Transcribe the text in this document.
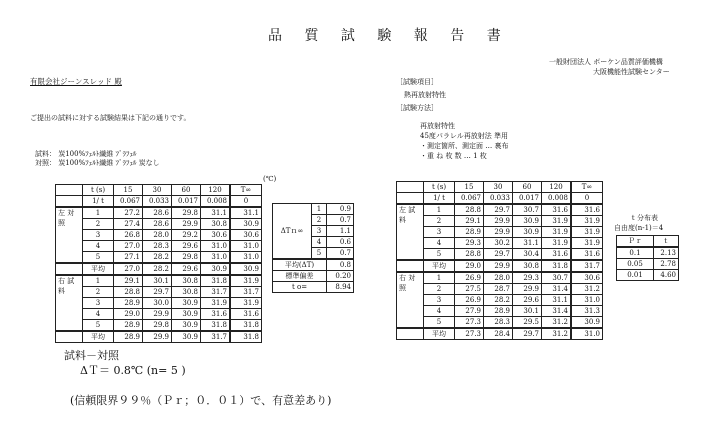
品 質 試 験 報 告 書
一般財団法人 ボーケン品質評価機構
大阪機能性試験センター
有限会社ジーンスレッド 殿
ご提出の試料に対する試験結果は下記の通りです。
試料： 炭100%ﾌｪﾙﾄ繊維 ﾌﾞﾗﾌｪﾙ
対照： 炭100%ﾌｪﾙﾄ繊維 ﾌﾞﾗﾌｪﾙ 炭なし
［試験項目］
熱再放射特性
［試験方法］
再放射特性
45度パラレル再放射法 準用
・測定箇所、測定面 … 裏布
・重 ね 枚 数 … 1 枚
(℃)
	t (s)	15	30	60	120	T∞
	1/ t	0.067	0.033	0.017	0.008	0
左 対照	1	27.2	28.6	29.8	31.1	31.1
	2	27.4	28.6	29.9	30.8	30.9
	3	26.8	28.0	29.2	30.6	30.6
	4	27.0	28.3	29.6	31.0	31.0
	5	27.1	28.2	29.8	31.0	31.0
	平均	27.0	28.2	29.6	30.9	30.9
右 試料	1	29.1	30.1	30.8	31.8	31.9
	2	28.8	29.7	30.8	31.7	31.7
	3	28.9	30.0	30.9	31.9	31.9
	4	29.0	29.9	30.9	31.6	31.6
	5	28.9	29.8	30.9	31.8	31.8
	平均	28.9	29.9	30.9	31.7	31.8
ΔTｎ∞	1	0.9
	2	0.7
	3	1.1
	4	0.6
	5	0.7
平均(ΔT)		0.8
標準偏差		0.20
t o=		8.94
	t (s)	15	30	60	120	T∞
	1/ t	0.067	0.033	0.017	0.008	0
左 試料	1	28.8	29.7	30.7	31.6	31.6
	2	29.1	29.9	30.9	31.9	31.9
	3	28.9	29.9	30.9	31.9	31.9
	4	29.3	30.2	31.1	31.9	31.9
	5	28.8	29.7	30.4	31.6	31.6
	平均	29.0	29.9	30.8	31.8	31.7
右 対照	1	26.9	28.0	29.3	30.7	30.6
	2	27.5	28.7	29.9	31.4	31.2
	3	26.9	28.2	29.6	31.1	31.0
	4	27.9	28.9	30.1	31.4	31.3
	5	27.3	28.3	29.5	31.2	30.9
	平均	27.3	28.4	29.7	31.2	31.0
ｔ分布表
自由度(n-1)＝4
Ｐｒ	ｔ
0.1	2.13
0.05	2.78
0.01	4.60
試料－対照
ΔＴ＝ 0.8℃ (n= 5 )
(信頼限界９９％（Ｐｒ；０．０１）で、有意差あり)
